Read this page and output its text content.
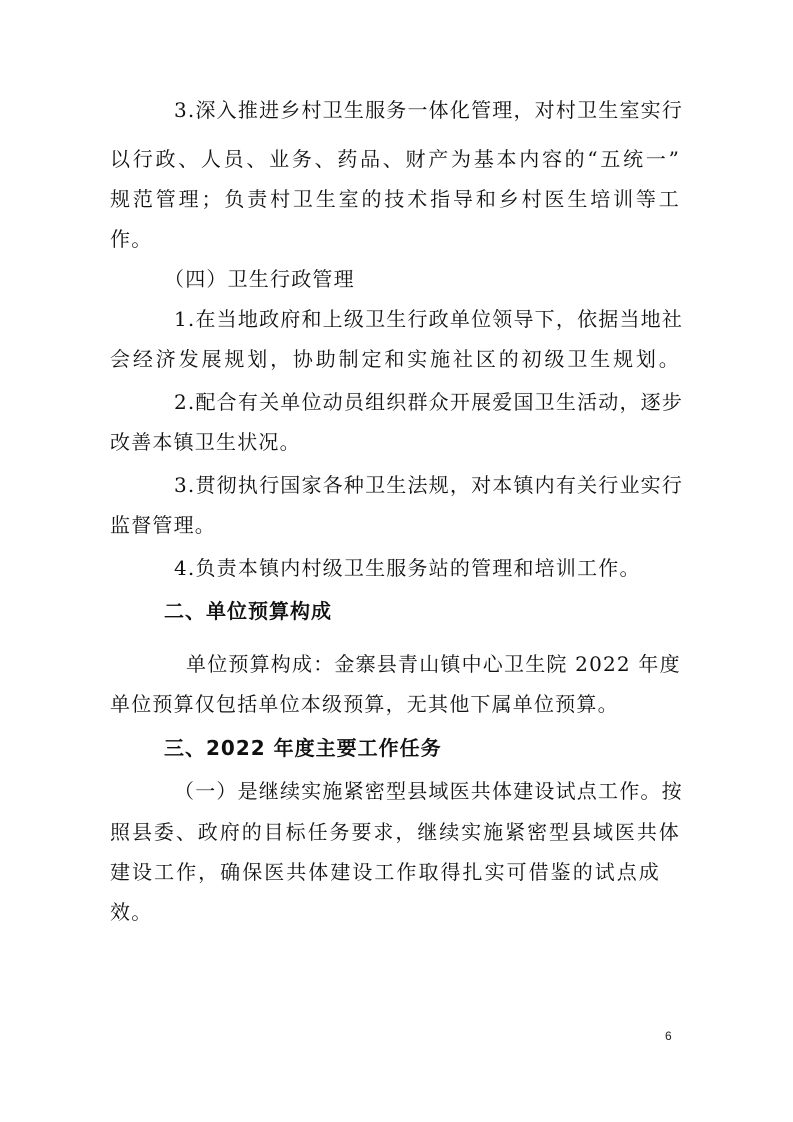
3.深入推进乡村卫生服务一体化管理，对村卫生室实行
以行政、人员、业务、药品、财产为基本内容的“五统一”
规范管理；负责村卫生室的技术指导和乡村医生培训等工
作。
（四）卫生行政管理
1.在当地政府和上级卫生行政单位领导下，依据当地社
会经济发展规划，协助制定和实施社区的初级卫生规划。
2.配合有关单位动员组织群众开展爱国卫生活动，逐步
改善本镇卫生状况。
3.贯彻执行国家各种卫生法规，对本镇内有关行业实行
监督管理。
4.负责本镇内村级卫生服务站的管理和培训工作。
二、单位预算构成
单位预算构成：金寨县青山镇中心卫生院 2022 年度
单位预算仅包括单位本级预算，无其他下属单位预算。
三、2022 年度主要工作任务
（一）是继续实施紧密型县域医共体建设试点工作。按
照县委、政府的目标任务要求，继续实施紧密型县域医共体
建设工作，确保医共体建设工作取得扎实可借鉴的试点成
效。
6
